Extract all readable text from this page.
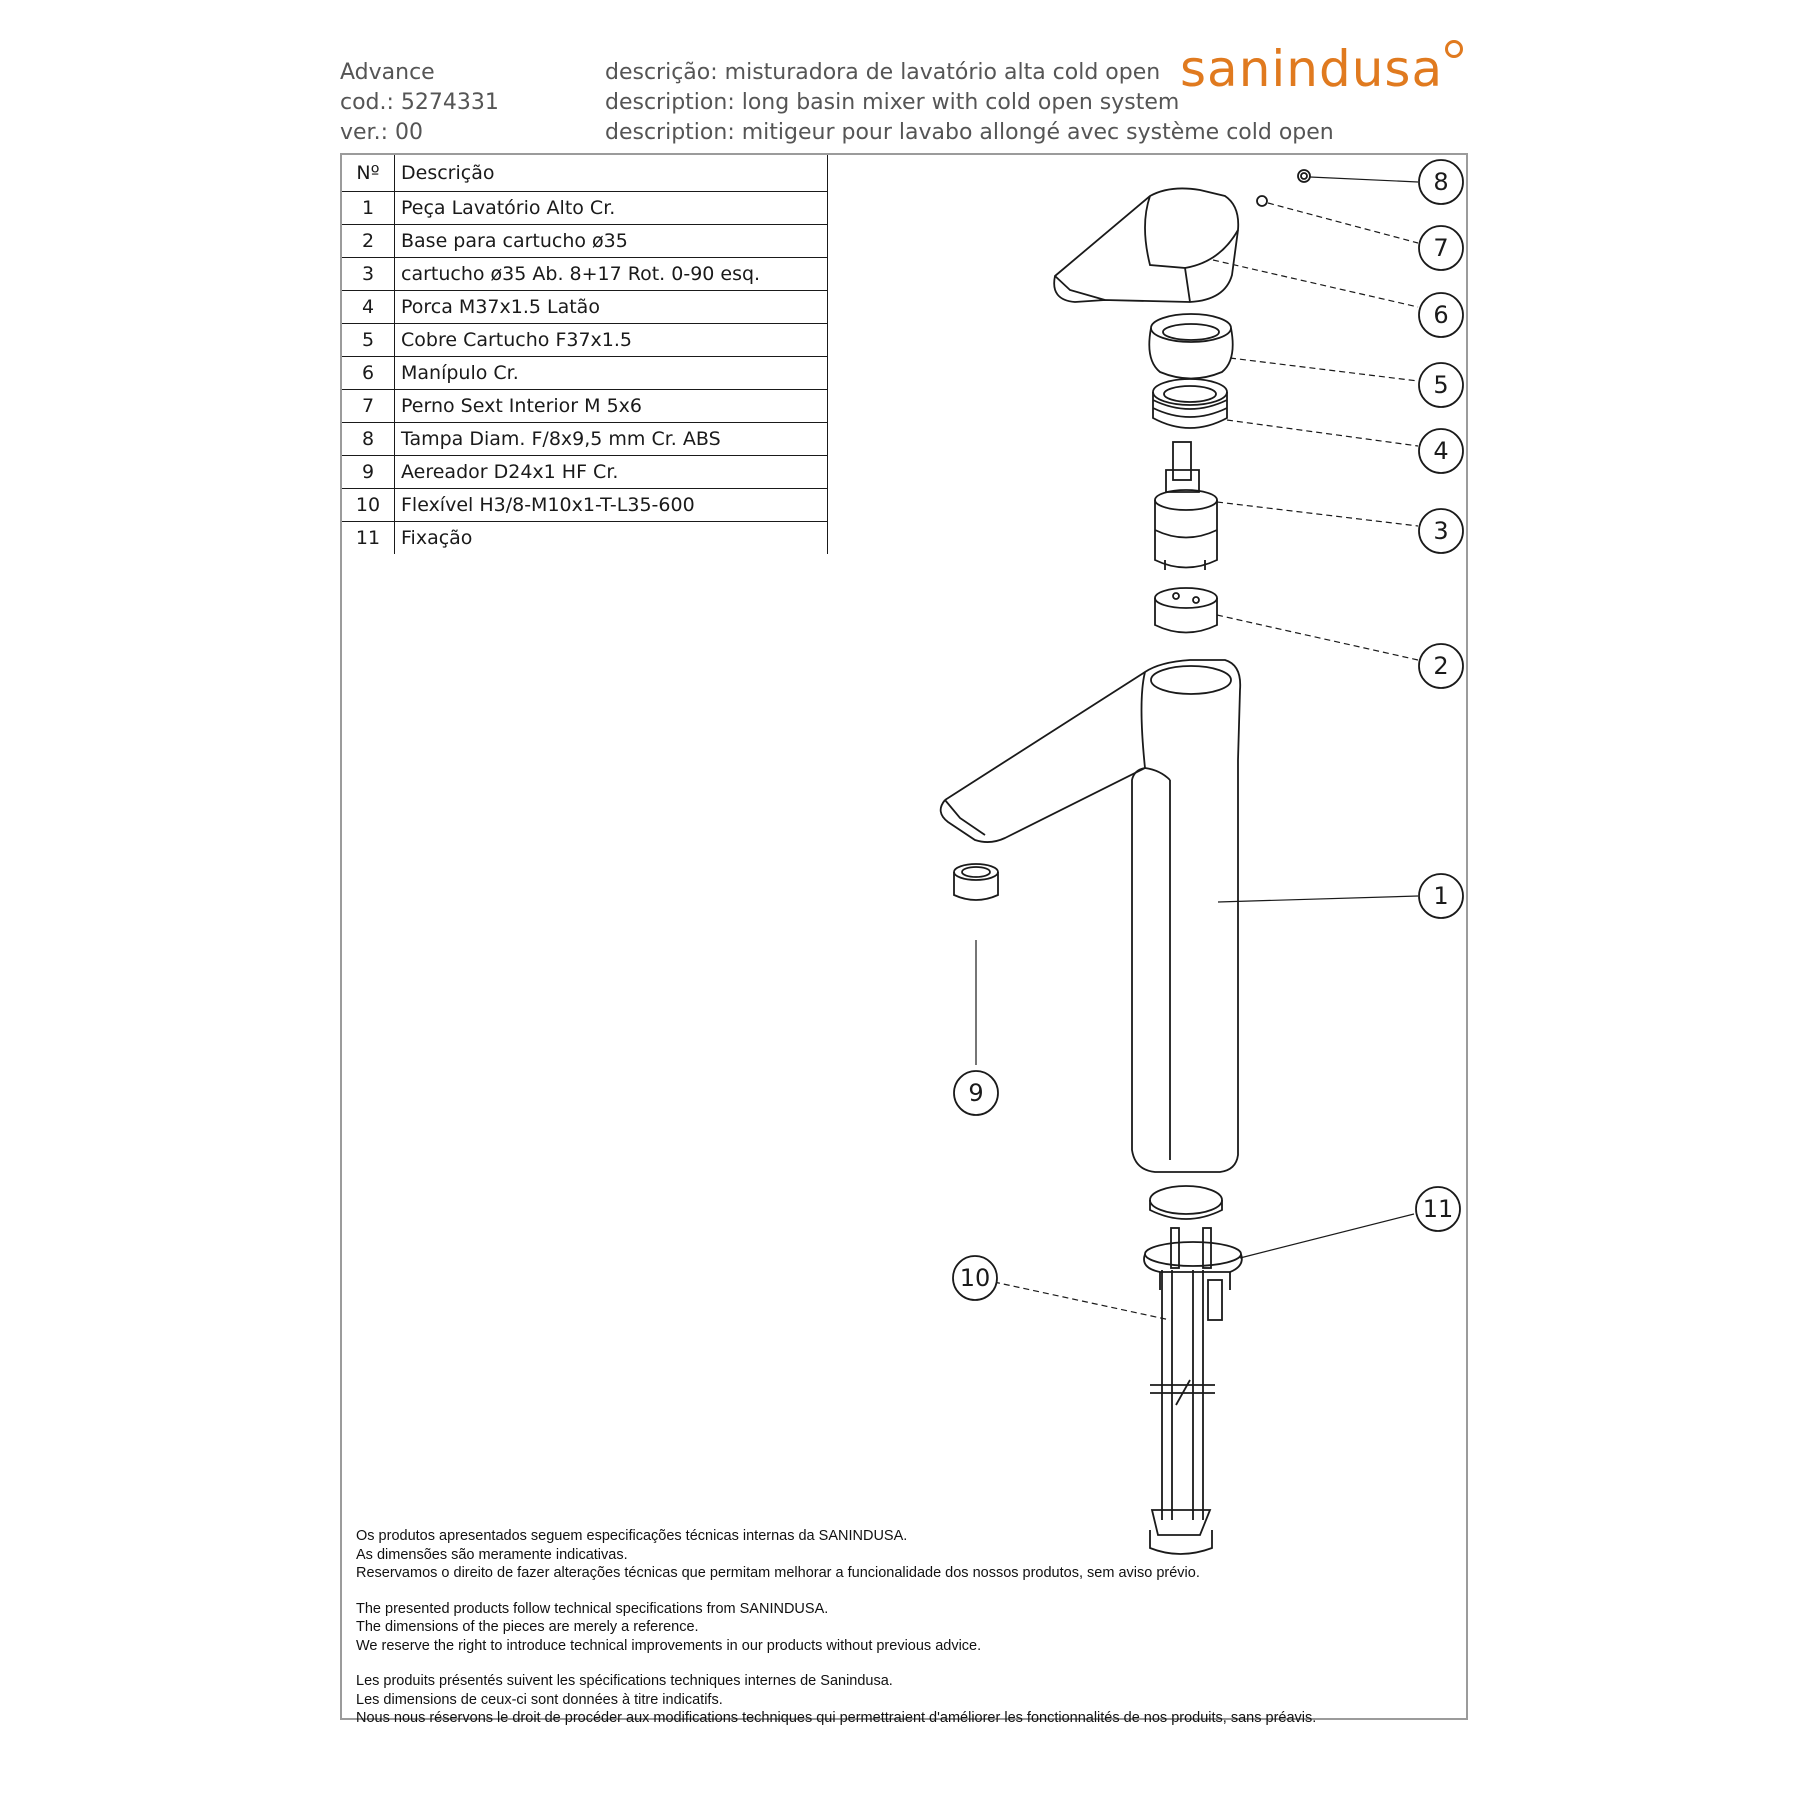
Advance
cod.: 5274331
ver.: 00
descrição: misturadora de lavatório alta cold open
description: long basin mixer with cold open system
description: mitigeur pour lavabo allongé avec système cold open
sanindusa
Nº	Descrição
1	Peça Lavatório Alto Cr.
2	Base para cartucho ø35
3	cartucho ø35 Ab. 8+17 Rot. 0-90 esq.
4	Porca M37x1.5 Latão
5	Cobre Cartucho F37x1.5
6	Manípulo Cr.
7	Perno Sext Interior M 5x6
8	Tampa Diam. F/8x9,5 mm Cr. ABS
9	Aereador D24x1 HF Cr.
10	Flexível H3/8-M10x1-T-L35-600
11	Fixação
8
7
6
5
4
3
2
1
9
11
10

Os produtos apresentados seguem especificações técnicas internas da SANINDUSA.
As dimensões são meramente indicativas.
Reservamos o direito de fazer alterações técnicas que permitam melhorar a funcionalidade dos nossos produtos, sem aviso prévio.

The presented products follow technical specifications from SANINDUSA.
The dimensions of the pieces are merely a reference.
We reserve the right to introduce technical improvements in our products without previous advice.

Les produits présentés suivent les spécifications techniques internes de Sanindusa.
Les dimensions de ceux-ci sont données à titre indicatifs.
Nous nous réservons le droit de procéder aux modifications techniques qui permettraient d'améliorer les fonctionnalités de nos produits, sans préavis.
